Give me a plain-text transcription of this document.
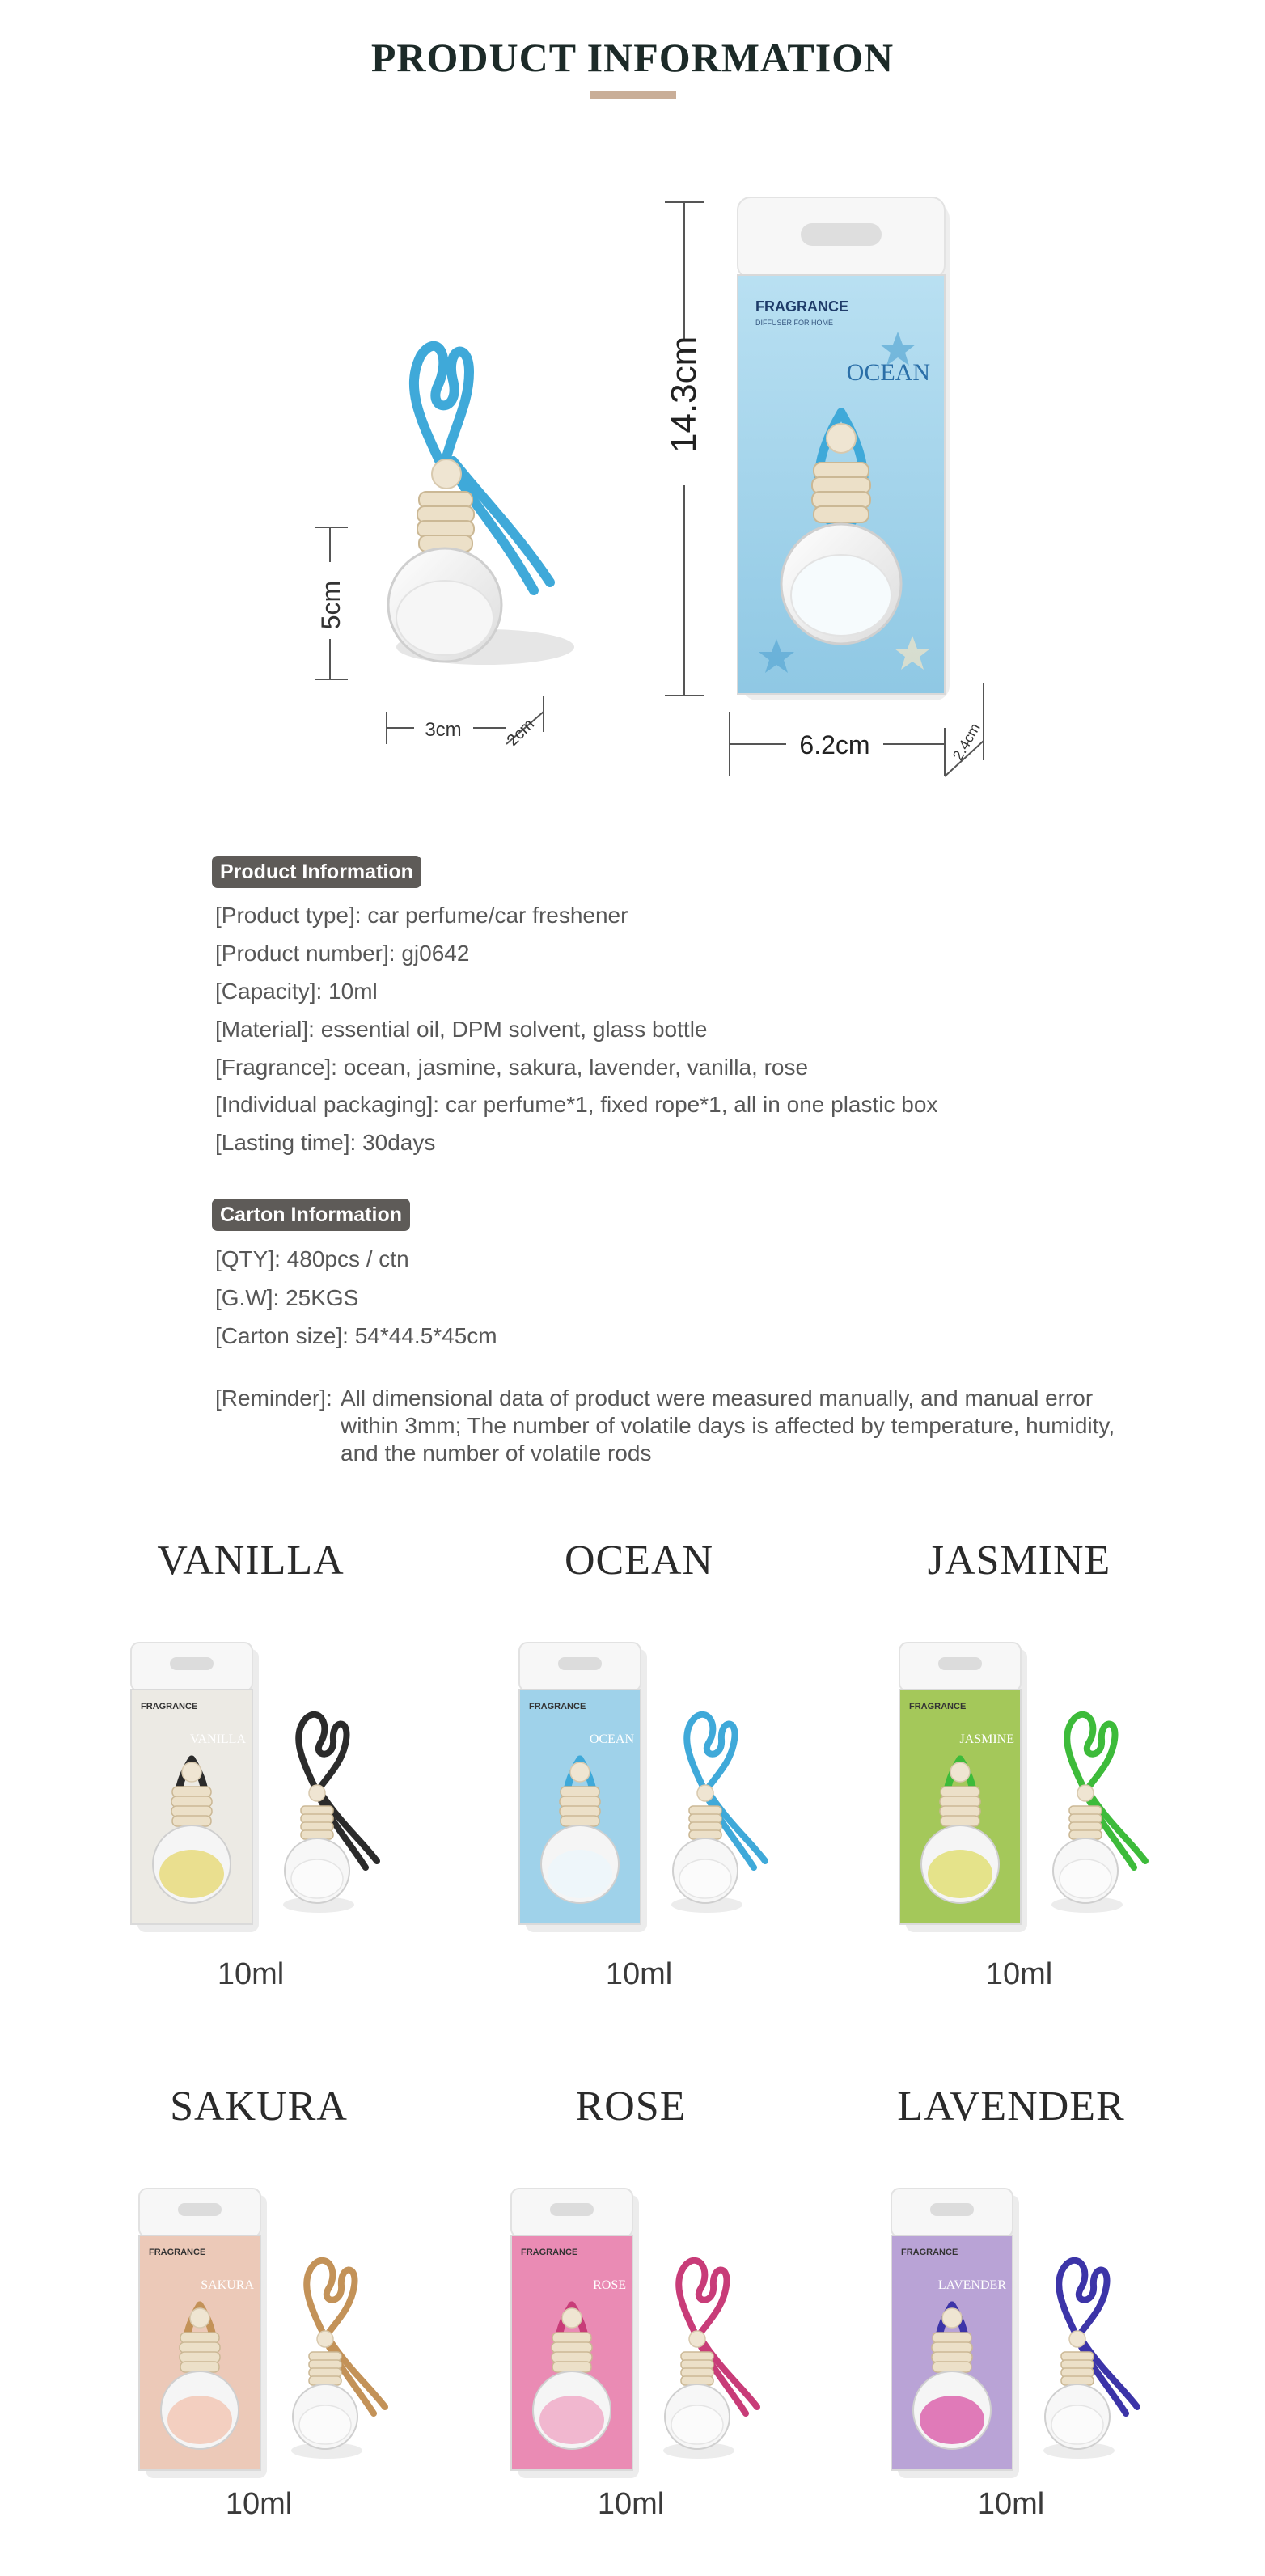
PRODUCT INFORMATION
5cm
3cm	2cm
14.3cm
FRAGRANCE
DIFFUSER FOR HOME
OCEAN
6.2cm	2.4cm
Product Information
[Product type]: car perfume/car freshener
[Product number]: gj0642
[Capacity]: 10ml
[Material]: essential oil, DPM solvent, glass bottle
[Fragrance]: ocean, jasmine, sakura, lavender, vanilla, rose
[Individual packaging]: car perfume*1, fixed rope*1, all in one plastic box
[Lasting time]: 30days
Carton Information
[QTY]: 480pcs / ctn
[G.W]: 25KGS
[Carton size]: 54*44.5*45cm
[Reminder]: All dimensional data of product were measured manually, and manual error within 3mm; The number of volatile days is affected by temperature, humidity, and the number of volatile rods
VANILLA
FRAGRANCE
VANILLA
10ml
OCEAN
FRAGRANCE
OCEAN
10ml
JASMINE
FRAGRANCE
JASMINE
10ml
SAKURA
FRAGRANCE
SAKURA
10ml
ROSE
FRAGRANCE
ROSE
10ml
LAVENDER
FRAGRANCE
LAVENDER
10ml
